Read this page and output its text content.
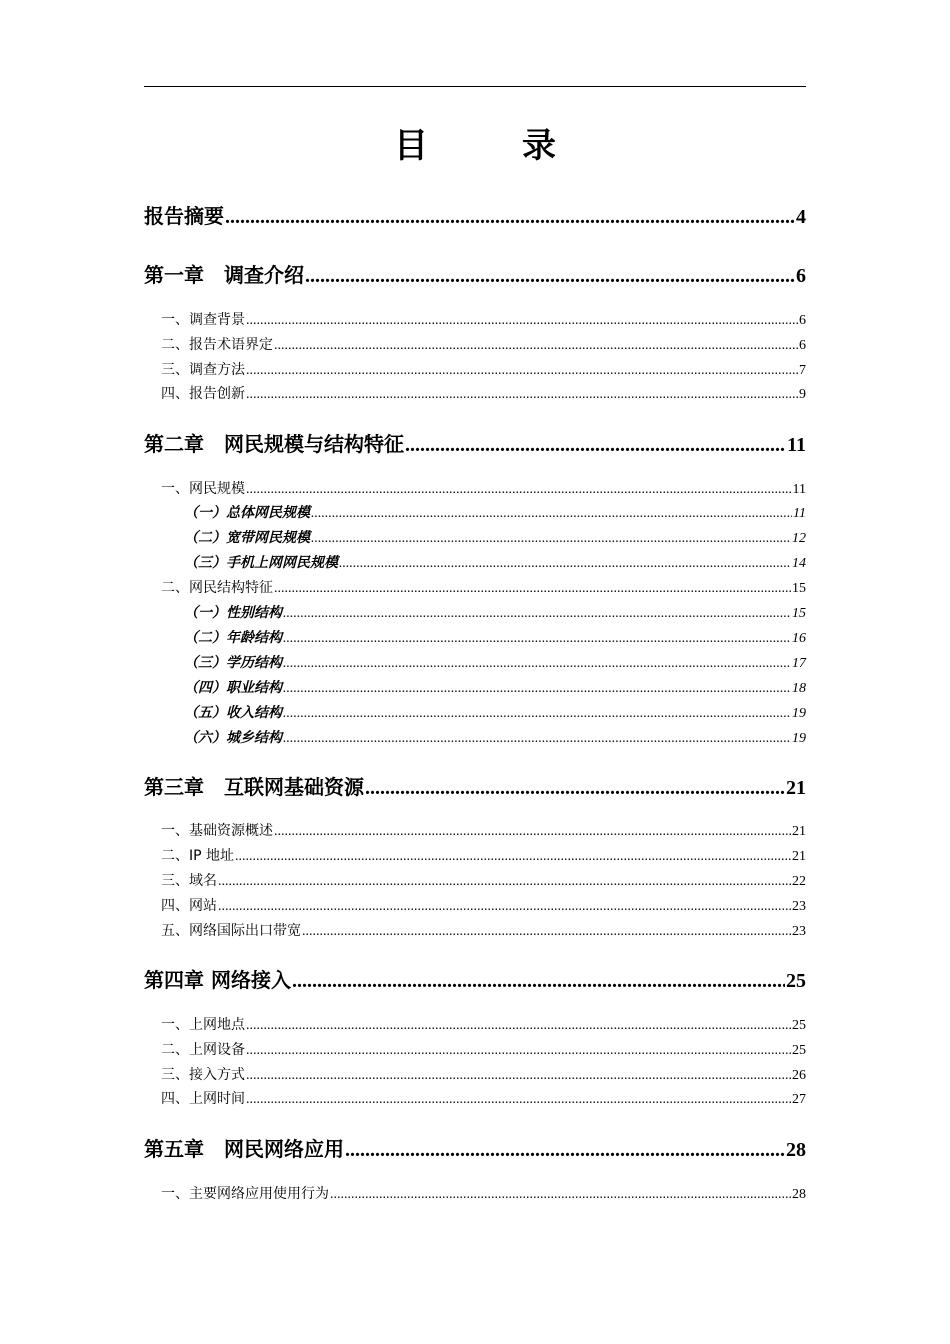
目　录
报告摘要 .....	4
第一章　调查介绍 .....	6
一、调查背景 .....	6
二、报告术语界定 .....	6
三、调查方法 .....	7
四、报告创新 .....	9
第二章　网民规模与结构特征 .....	11
一、网民规模 .....	11
（一）总体网民规模 .....	11
（二）宽带网民规模 .....	12
（三）手机上网网民规模 .....	14
二、网民结构特征 .....	15
（一）性别结构 .....	15
（二）年龄结构 .....	16
（三）学历结构 .....	17
（四）职业结构 .....	18
（五）收入结构 .....	19
（六）城乡结构 .....	19
第三章　互联网基础资源 .....	21
一、基础资源概述 .....	21
二、IP 地址 .....	21
三、域名 .....	22
四、网站 .....	23
五、网络国际出口带宽 .....	23
第四章 网络接入 .....	25
一、上网地点 .....	25
二、上网设备 .....	25
三、接入方式 .....	26
四、上网时间 .....	27
第五章　网民网络应用 .....	28
一、主要网络应用使用行为 .....	28
